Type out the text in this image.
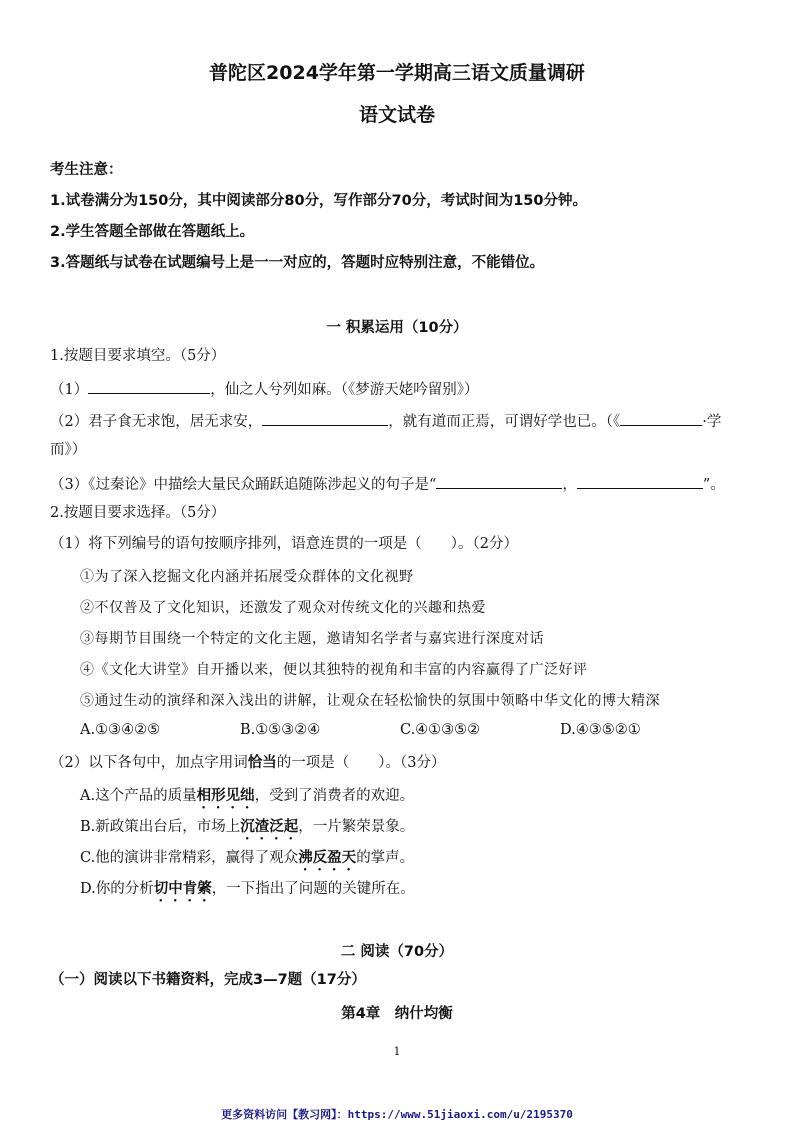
普陀区2024学年第一学期高三语文质量调研
语文试卷
考生注意：
1.试卷满分为150分，其中阅读部分80分，写作部分70分，考试时间为150分钟。
2.学生答题全部做在答题纸上。
3.答题纸与试卷在试题编号上是一一对应的，答题时应特别注意，不能错位。
一 积累运用（10分）
1.按题目要求填空。（5分）
（1）	，仙之人兮列如麻。（《梦游天姥吟留别》）
（2）君子食无求饱，居无求安，	，就有道而正焉，可谓好学也已。（《	·学
而》）
（3）《过秦论》中描绘大量民众踊跃追随陈涉起义的句子是“	，	”。
2.按题目要求选择。（5分）
（1）将下列编号的语句按顺序排列，语意连贯的一项是（　　）。（2分）
①为了深入挖掘文化内涵并拓展受众群体的文化视野
②不仅普及了文化知识，还激发了观众对传统文化的兴趣和热爱
③每期节目围绕一个特定的文化主题，邀请知名学者与嘉宾进行深度对话
④《文化大讲堂》自开播以来，便以其独特的视角和丰富的内容赢得了广泛好评
⑤通过生动的演绎和深入浅出的讲解，让观众在轻松愉快的氛围中领略中华文化的博大精深
A.①③④②⑤	B.①⑤③②④	C.④①③⑤②	D.④③⑤②①
（2）以下各句中，加点字用词恰当的一项是（　　）。（3分）
A.这个产品的质量相形见绌，受到了消费者的欢迎。
B.新政策出台后，市场上沉渣泛起，一片繁荣景象。
C.他的演讲非常精彩，赢得了观众沸反盈天的掌声。
D.你的分析切中肯綮，一下指出了问题的关键所在。
二 阅读（70分）
（一）阅读以下书籍资料，完成3—7题（17分）
第4章　纳什均衡
1
更多资料访问【教习网】：https://www.51jiaoxi.com/u/2195370
